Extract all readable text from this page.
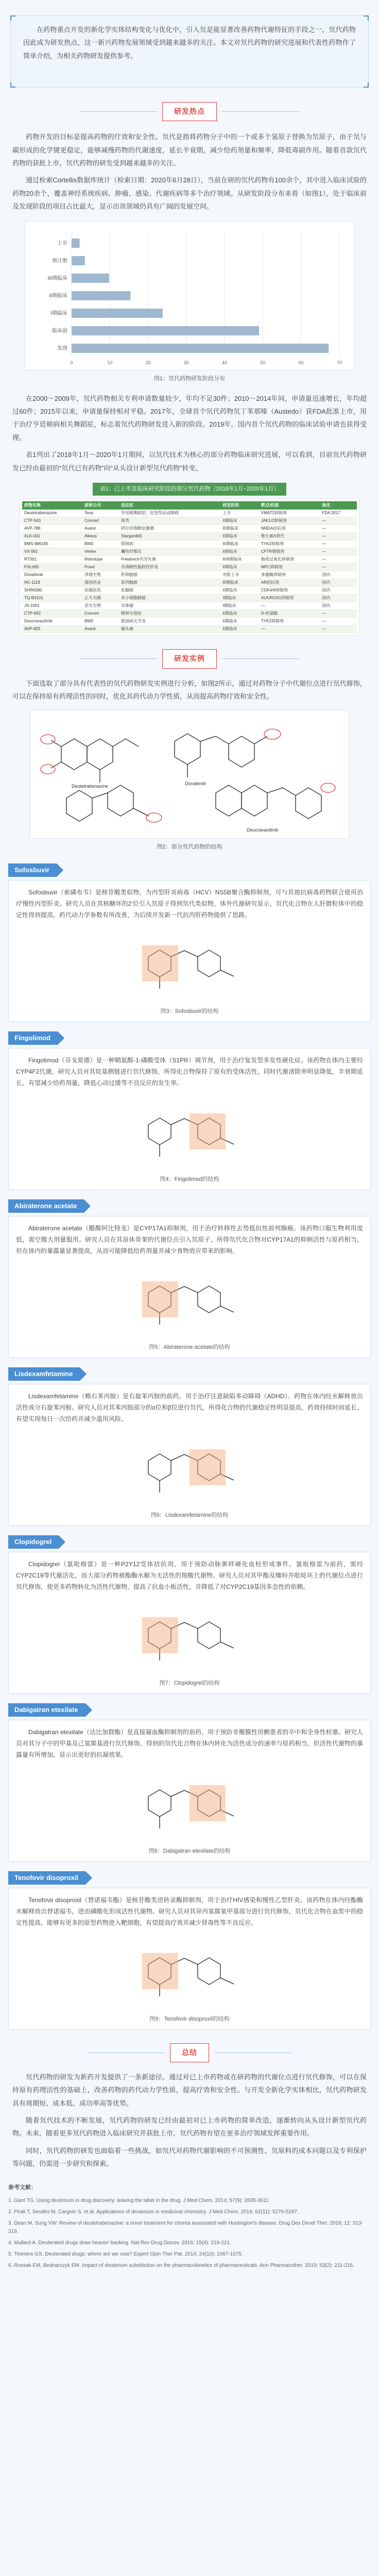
在药物重点开发的新化学实体结构变化与优化中，引入氘是能显著改善药物代谢特征的手段之一，氘代药物因此成为研发热点，这一新兴药物发展领域受到越来越多的关注。本文对氘代药物的研究进展和代表性药物作了简单介绍，为相关药物研发提供参考。

研发热点

药物开发的目标是提高药物的疗效和安全性。氘代是指将药物分子中的一个或多个氢原子替换为氘原子，由于氘与碳形成的化学键更稳定，能够减慢药物的代谢速度，延长半衰期，减少给药剂量和频率，降低毒副作用。随着首款氘代药物的获批上市，氘代药物的研发受到越来越多的关注。

通过检索Cortellis数据库统计（检索日期：2020年6月28日），当前在研的氘代药物有100余个，其中进入临床试验的药物20余个，覆盖神经系统疾病、肿瘤、感染、代谢疾病等多个治疗领域。从研发阶段分布来看（如图1），处于临床前及发现阶段的项目占比最大，显示出该领域仍具有广阔的发展空间。

0	10	20	30	40	50	60	70
上市
预注册
III期临床
II期临床
I期临床
临床前
发现
图1：氘代药物研发阶段分布

在2000～2009年，氘代药物相关专利申请数量较少，年均不足30件；2010～2014年间，申请量迅速增长，年均超过60件；2015年以来，申请量保持相对平稳。2017年，全球首个氘代药物氘丁苯那嗪（Austedo）获FDA批准上市，用于治疗亨廷顿病相关舞蹈症，标志着氘代药物研发进入新的阶段。2019年，国内首个氘代药物的临床试验申请也获得受理。

表1列出了2018年1月～2020年1月期间，以氘代技术为核心的部分药物临床研究进展，可以看到，目前氘代药物研发已经由最初的“氘代已有药物”向“从头设计新型氘代药物”转变。

表1：已上市及临床研究阶段的部分氘代药物（2018年1月~2020年1月）
药物名称	原研公司	适应症	研发阶段	靶点/机制	备注
Deutetrabenazine	Teva	亨廷顿舞蹈症；迟发性运动障碍	上市	VMAT2抑制剂	FDA 2017
CTP-543	Concert	斑秃	II期临床	JAK1/2抑制剂	—
AVP-786	Avanir	阿尔茨海默症激越	III期临床	NMDA拮抗剂	—
ALK-001	Alkeus	Stargardt病	II期临床	维生素A替代	—
BMS-986165	BMS	银屑病	III期临床	TYK2抑制剂	—
VX-561	Vertex	囊性纤维化	II期临床	CFTR增强剂	—
RT001	Retrotope	Friedreich共济失调	II/III期临床	脂质过氧化抑制剂	—
PXL065	Poxel	非酒精性脂肪性肝炎	II期临床	MPC抑制剂	—
Donafenib	泽璟生物	肝细胞癌	申报上市	多激酶抑制剂	国内
HC-1119	海创药业	前列腺癌	III期临床	AR拮抗剂	国内
SHR6390	恒瑞医药	乳腺癌	II期临床	CDK4/6抑制剂	国内
TQ-B3101	正大天晴	非小细胞肺癌	I期临床	ALK/ROS1抑制剂	国内
JS-1001	君实生物	实体瘤	I期临床	—	国内
CTP-692	Concert	精神分裂症	II期临床	D-丝氨酸	—
Deucravacitinib	BMS	银屑病关节炎	II期临床	TYK2抑制剂	—
AVP-825	Avanir	偏头痛	II期临床	—	—
研发实例

下面选取了部分具有代表性的氘代药物研发实例进行分析，如图2所示，通过对药物分子中代谢位点进行氘代修饰，可以在保持原有药理活性的同时，优化其药代动力学性质，从而提高药物疗效和安全性。

Deutetrabenazine	Donafenib
Deucravacitinib
图2：部分氘代药物的结构
Sofosbuvir

Sofosbuvir（索磷布韦）是核苷酸类似物，为丙型肝炎病毒（HCV）NS5B聚合酶抑制剂，可与其他抗病毒药物联合使用治疗慢性丙型肝炎。研究人员在其核糖环的2'位引入氘原子得到氘代类似物，体外代谢研究显示，氘代化合物在人肝微粒体中的稳定性得到提高，药代动力学参数有所改善，为后续开发新一代抗丙肝药物提供了思路。

图3：Sofosbuvir的结构
Fingolimod

Fingolimod（芬戈莫德）是一种鞘氨醇-1-磷酸受体（S1PR）调节剂，用于治疗复发型多发性硬化症。该药物在体内主要经CYP4F2代谢，研究人员对其烷基侧链进行氘代修饰，所得化合物保持了原有的受体活性，同时代谢清除率明显降低，半衰期延长，有望减少给药剂量，降低心动过缓等不良反应的发生率。

图4：Fingolimod的结构
Abiraterone acetate

Abiraterone acetate（醋酸阿比特龙）是CYP17A1抑制剂，用于治疗转移性去势抵抗性前列腺癌。该药物口服生物利用度低，需空腹大剂量服用。研究人员在其甾体骨架的代谢位点引入氘原子，所得氘代化合物对CYP17A1的抑制活性与原药相当，但在体内的暴露量显著提高，从而可能降低给药剂量并减少食物效应带来的影响。

图5：Abiraterone acetate的结构
Lisdexamfetamine

Lisdexamfetamine（赖右苯丙胺）是右旋苯丙胺的前药，用于治疗注意缺陷多动障碍（ADHD）。药物在体内经水解释放出活性成分右旋苯丙胺。研究人员对其苯丙胺部分的α位和β位进行氘代，所得化合物的代谢稳定性明显提高，药效持续时间延长，有望实现每日一次给药并减少滥用风险。

图6：Lisdexamfetamine的结构
Clopidogrel

Clopidogrel（氯吡格雷）是一种P2Y12受体拮抗剂，用于预防动脉粥样硬化血栓形成事件。氯吡格雷为前药，需经CYP2C19等代谢活化，而大部分药物被酯酶水解为无活性的羧酸代谢物。研究人员对其甲酯及噻吩并吡啶环上的代谢位点进行氘代修饰，使更多药物转化为活性代谢物，提高了抗血小板活性，并降低了对CYP2C19基因多态性的依赖。

图7：Clopidogrel的结构
Dabigatran etexilate

Dabigatran etexilate（达比加群酯）是直接凝血酶抑制剂的前药，用于预防非瓣膜性房颤患者的卒中和全身性栓塞。研究人员对其分子中的甲基及己氧羰基进行氘代修饰，得到的氘代化合物在体内转化为活性成分的速率与原药相当，但活性代谢物的暴露量有所增加，显示出更好的抗凝效果。

图8：Dabigatran etexilate的结构
Tenofovir disoproxil

Tenofovir disoproxil（替诺福韦酯）是核苷酸类逆转录酶抑制剂，用于治疗HIV感染和慢性乙型肝炎。该药物在体内经酯酶水解释放出替诺福韦，进而磷酸化形成活性代谢物。研究人员对其异丙氧羰氧甲基部分进行氘代修饰，氘代化合物在血浆中的稳定性提高，能够有更多的原型药物进入靶细胞，有望提高疗效并减少肾毒性等不良反应。

图9：Tenofovir disoproxil的结构
总结

氘代药物的研发为新药开发提供了一条新途径。通过对已上市药物或在研药物的代谢位点进行氘代修饰，可以在保持原有药理活性的基础上，改善药物的药代动力学性质，提高疗效和安全性。与开发全新化学实体相比，氘代药物研发具有周期短、成本低、成功率高等优势。

随着氘代技术的不断发展，氘代药物的研发已经由最初对已上市药物的简单改造，逐渐转向从头设计新型氘代药物。未来，随着更多氘代药物进入临床研究并获批上市，氘代药物有望在更多治疗领域发挥重要作用。

同时，氘代药物的研发也面临着一些挑战，如氘代对药物代谢影响的不可预测性、氘原料的成本问题以及专利保护等问题，仍需进一步研究和探索。

参考文献：

1. Gant TG. Using deuterium in drug discovery: leaving the label in the drug. J Med Chem. 2014; 57(9): 3595-3611.

2. Pirali T, Serafini M, Cargnin S, et al. Applications of deuterium in medicinal chemistry. J Med Chem. 2019; 62(11): 5276-5297.

3. Dean M, Sung VW. Review of deutetrabenazine: a novel treatment for chorea associated with Huntington's disease. Drug Des Devel Ther. 2018; 12: 313-319.

4. Mullard A. Deuterated drugs draw heavier backing. Nat Rev Drug Discov. 2016; 15(4): 219-221.

5. Timmins GS. Deuterated drugs: where are we now? Expert Opin Ther Pat. 2014; 24(10): 1067-1075.

6. Russak EM, Bednarczyk EM. Impact of deuterium substitution on the pharmacokinetics of pharmaceuticals. Ann Pharmacother. 2019; 53(2): 211-216.
